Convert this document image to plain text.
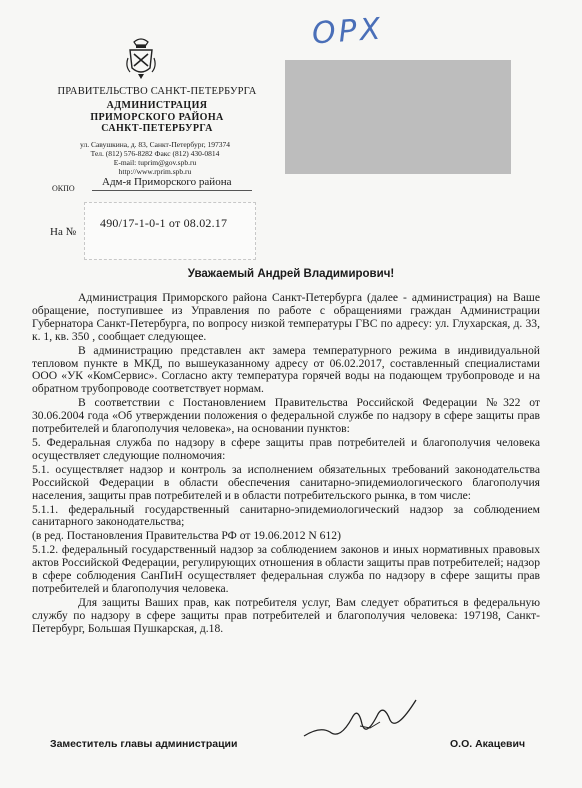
ОРХ
ПРАВИТЕЛЬСТВО САНКТ-ПЕТЕРБУРГА
АДМИНИСТРАЦИЯ
ПРИМОРСКОГО РАЙОНА
САНКТ-ПЕТЕРБУРГА
ул. Савушкина, д. 83, Санкт-Петербург, 197374
Тел. (812) 576-8282 Факс (812) 430-0814
E-mail: tuprim@gov.spb.ru
http://www.rprim.spb.ru
ОКПО
Адм-я Приморского района
490/17-1-0-1 от 08.02.17
На №
Уважаемый Андрей Владимирович!

Администрация Приморского района Санкт-Петербурга (далее - администрация) на Ваше обращение, поступившее из Управления по работе с обращениями граждан Администрации Губернатора Санкт-Петербурга, по вопросу низкой температуры ГВС по адресу: ул. Глухарская, д. 33, к. 1, кв. 350 , сообщает следующее.

В администрацию представлен акт замера температурного режима в индивидуальной тепловом пункте в МКД, по вышеуказанному адресу от 06.02.2017, составленный специалистами ООО «УК «КомСервис». Согласно акту температура горячей воды на подающем трубопроводе и на обратном трубопроводе соответствует нормам.

В соответствии с Постановлением Правительства Российской Федерации №322 от 30.06.2004 года «Об утверждении положения о федеральной службе по надзору в сфере защиты прав потребителей и благополучия человека», на основании пунктов:

5. Федеральная служба по надзору в сфере защиты прав потребителей и благополучия человека осуществляет следующие полномочия:

5.1. осуществляет надзор и контроль за исполнением обязательных требований законодательства Российской Федерации в области обеспечения санитарно-эпидемиологического благополучия населения, защиты прав потребителей и в области потребительского рынка, в том числе:

5.1.1. федеральный государственный санитарно-эпидемиологический надзор за соблюдением санитарного законодательства;

(в ред. Постановления Правительства РФ от 19.06.2012 N 612)

5.1.2. федеральный государственный надзор за соблюдением законов и иных нормативных правовых актов Российской Федерации, регулирующих отношения в области защиты прав потребителей; надзор в сфере соблюдения СанПиН осуществляет федеральная служба по надзору в сфере защиты прав потребителей и благополучия человека.

Для защиты Ваших прав, как потребителя услуг, Вам следует обратиться в федеральную службу по надзору в сфере защиты прав потребителей и благополучия человека: 197198, Санкт-Петербург, Большая Пушкарская, д.18.

Заместитель главы администрации	О.О. Акацевич
